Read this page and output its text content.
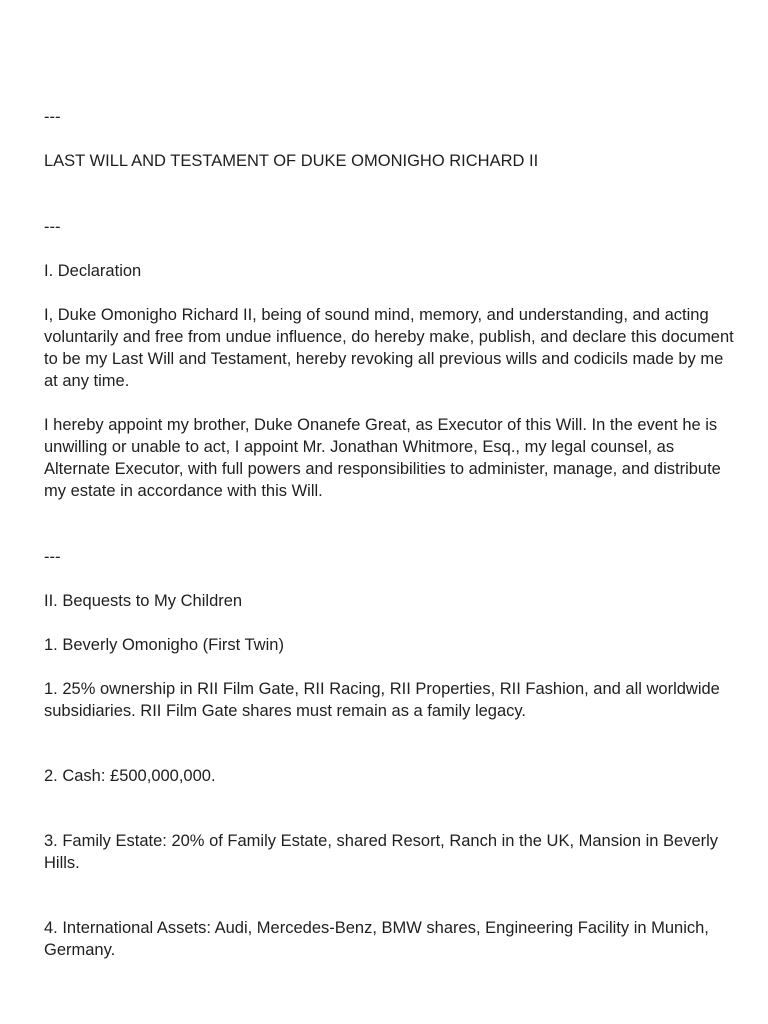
---

LAST WILL AND TESTAMENT OF DUKE OMONIGHO RICHARD II

---

I. Declaration

I, Duke Omonigho Richard II, being of sound mind, memory, and understanding, and acting voluntarily and free from undue influence, do hereby make, publish, and declare this document to be my Last Will and Testament, hereby revoking all previous wills and codicils made by me at any time.

I hereby appoint my brother, Duke Onanefe Great, as Executor of this Will. In the event he is unwilling or unable to act, I appoint Mr. Jonathan Whitmore, Esq., my legal counsel, as Alternate Executor, with full powers and responsibilities to administer, manage, and distribute my estate in accordance with this Will.

---

II. Bequests to My Children

1. Beverly Omonigho (First Twin)

1. 25% ownership in RII Film Gate, RII Racing, RII Properties, RII Fashion, and all worldwide subsidiaries. RII Film Gate shares must remain as a family legacy.

2. Cash: £500,000,000.

3. Family Estate: 20% of Family Estate, shared Resort, Ranch in the UK, Mansion in Beverly Hills.

4. International Assets: Audi, Mercedes-Benz, BMW shares, Engineering Facility in Munich, Germany.
